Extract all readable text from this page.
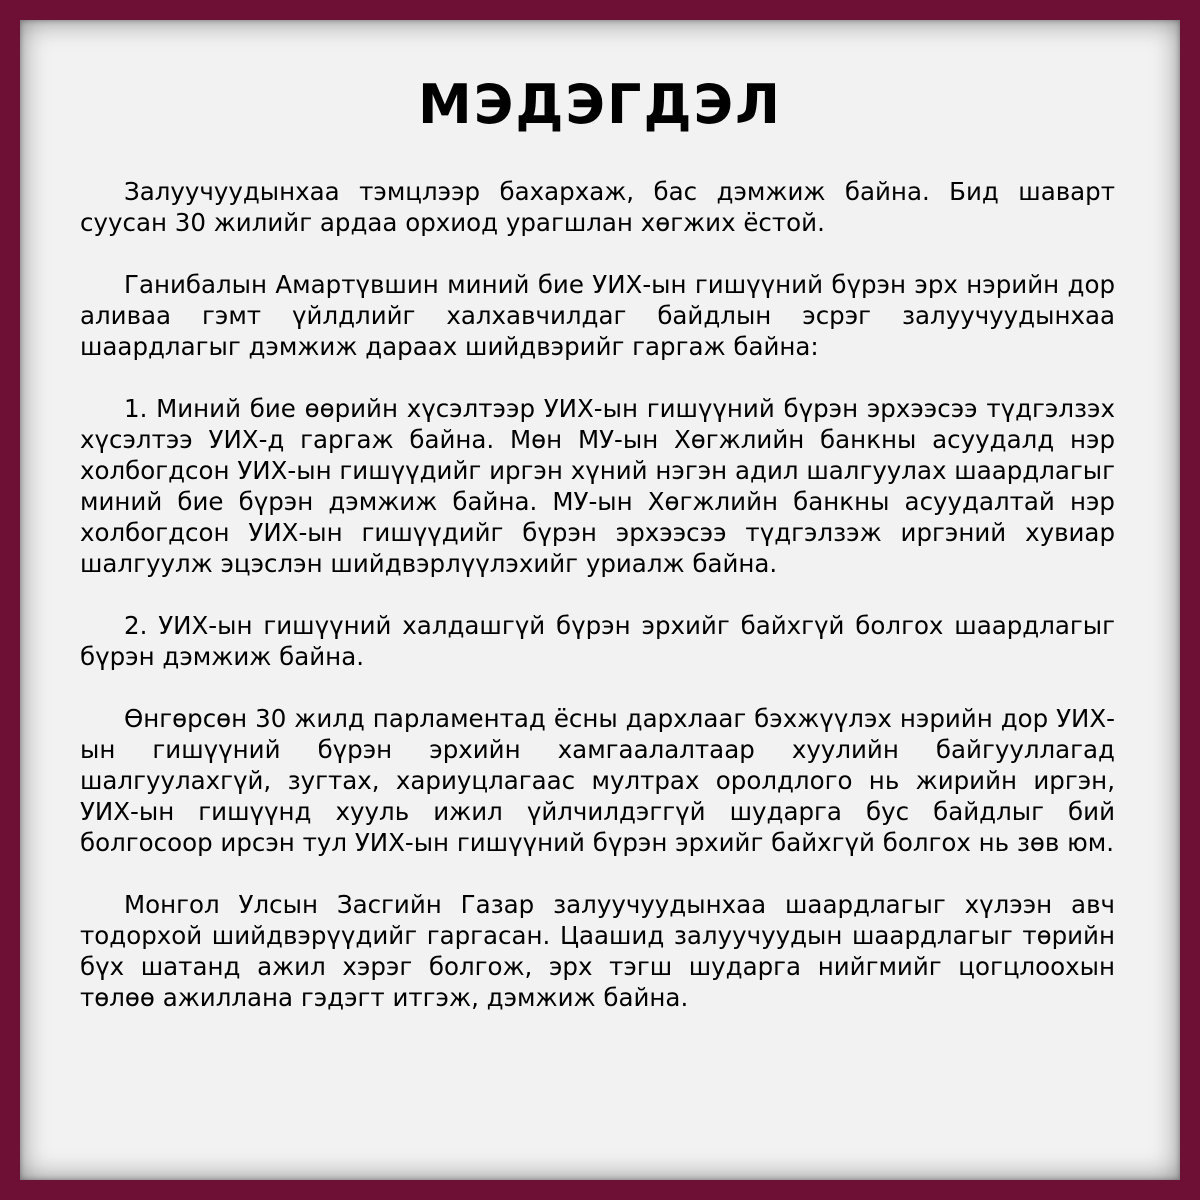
МЭДЭГДЭЛ

Залуучуудынхаа тэмцлээр бахархаж, бас дэмжиж байна. Бид шаварт суусан 30 жилийг ардаа орхиод урагшлан хөгжих ёстой.

Ганибалын Амартүвшин миний бие УИХ-ын гишүүний бүрэн эрх нэрийн дор аливаа гэмт үйлдлийг халхавчилдаг байдлын эсрэг залуучуудынхаа шаардлагыг дэмжиж дараах шийдвэрийг гаргаж байна:

1. Миний бие өөрийн хүсэлтээр УИХ-ын гишүүний бүрэн эрхээсээ түдгэлзэх хүсэлтээ УИХ-д гаргаж байна. Мөн МУ-ын Хөгжлийн банкны асуудалд нэр холбогдсон УИХ-ын гишүүдийг иргэн хүний нэгэн адил шалгуулах шаардлагыг миний бие бүрэн дэмжиж байна. МУ-ын Хөгжлийн банкны асуудалтай нэр холбогдсон УИХ-ын гишүүдийг бүрэн эрхээсээ түдгэлзэж иргэний хувиар шалгуулж эцэслэн шийдвэрлүүлэхийг уриалж байна.

2. УИХ-ын гишүүний халдашгүй бүрэн эрхийг байхгүй болгох шаардлагыг бүрэн дэмжиж байна.

Өнгөрсөн 30 жилд парламентад ёсны дархлааг бэхжүүлэх нэрийн дор УИХ-ын гишүүний бүрэн эрхийн хамгаалалтаар хуулийн байгууллагад шалгуулахгүй, зугтах, хариуцлагаас мултрах оролдлого нь жирийн иргэн, УИХ-ын гишүүнд хууль ижил үйлчилдэггүй шударга бус байдлыг бий болгосоор ирсэн тул УИХ-ын гишүүний бүрэн эрхийг байхгүй болгох нь зөв юм.

Монгол Улсын Засгийн Газар залуучуудынхаа шаардлагыг хүлээн авч тодорхой шийдвэрүүдийг гаргасан. Цаашид залуучуудын шаардлагыг төрийн бүх шатанд ажил хэрэг болгож, эрх тэгш шударга нийгмийг цогцлоохын төлөө ажиллана гэдэгт итгэж, дэмжиж байна.
